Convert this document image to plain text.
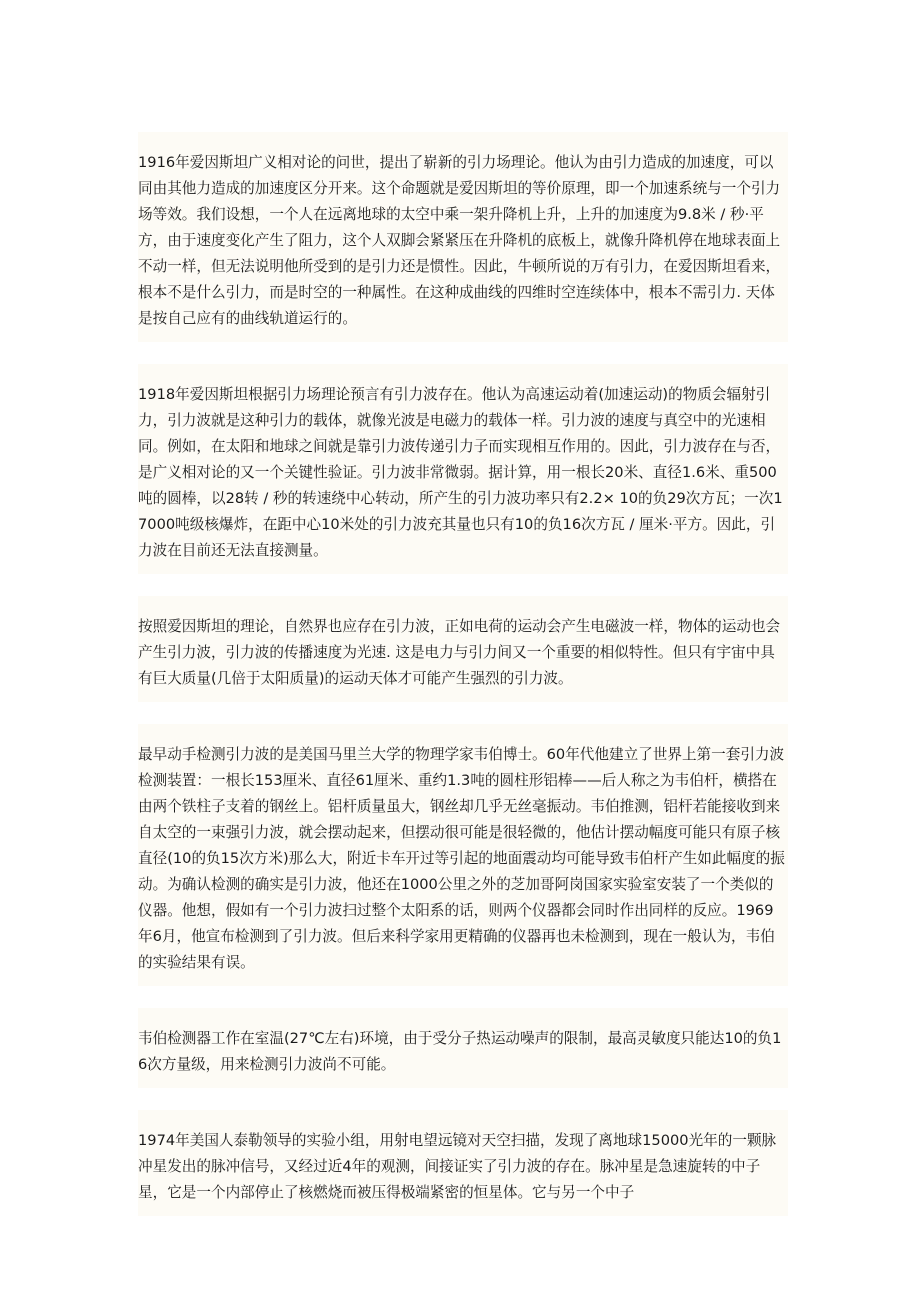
1916年爱因斯坦广义相对论的问世，提出了崭新的引力场理论。他认为由引力造成的加速度，可以同由其他力造成的加速度区分开来。这个命题就是爱因斯坦的等价原理，即一个加速系统与一个引力场等效。我们设想，一个人在远离地球的太空中乘一架升降机上升，上升的加速度为9.8米 / 秒·平方，由于速度变化产生了阻力，这个人双脚会紧紧压在升降机的底板上，就像升降机停在地球表面上不动一样，但无法说明他所受到的是引力还是惯性。因此，牛顿所说的万有引力，在爱因斯坦看来，根本不是什么引力，而是时空的一种属性。在这种成曲线的四维时空连续体中，根本不需引力. 天体是按自己应有的曲线轨道运行的。

1918年爱因斯坦根据引力场理论预言有引力波存在。他认为高速运动着(加速运动)的物质会辐射引力，引力波就是这种引力的载体，就像光波是电磁力的载体一样。引力波的速度与真空中的光速相同。例如，在太阳和地球之间就是靠引力波传递引力子而实现相互作用的。因此，引力波存在与否，是广义相对论的又一个关键性验证。引力波非常微弱。据计算，用一根长20米、直径1.6米、重500吨的圆棒，以28转 / 秒的转速绕中心转动，所产生的引力波功率只有2.2× 10的负29次方瓦；一次17000吨级核爆炸，在距中心10米处的引力波充其量也只有10的负16次方瓦 / 厘米·平方。因此，引力波在目前还无法直接测量。

按照爱因斯坦的理论，自然界也应存在引力波，正如电荷的运动会产生电磁波一样，物体的运动也会产生引力波，引力波的传播速度为光速. 这是电力与引力间又一个重要的相似特性。但只有宇宙中具有巨大质量(几倍于太阳质量)的运动天体才可能产生强烈的引力波。

最早动手检测引力波的是美国马里兰大学的物理学家韦伯博士。60年代他建立了世界上第一套引力波检测装置：一根长153厘米、直径61厘米、重约1.3吨的圆柱形铝棒——后人称之为韦伯杆，横搭在由两个铁柱子支着的钢丝上。铝杆质量虽大，钢丝却几乎无丝毫振动。韦伯推测，铝杆若能接收到来自太空的一束强引力波，就会摆动起来，但摆动很可能是很轻微的，他估计摆动幅度可能只有原子核直径(10的负15次方米)那么大，附近卡车开过等引起的地面震动均可能导致韦伯杆产生如此幅度的振动。为确认检测的确实是引力波，他还在1000公里之外的芝加哥阿岗国家实验室安装了一个类似的仪器。他想，假如有一个引力波扫过整个太阳系的话，则两个仪器都会同时作出同样的反应。1969年6月，他宣布检测到了引力波。但后来科学家用更精确的仪器再也未检测到，现在一般认为，韦伯的实验结果有误。

韦伯检测器工作在室温(27℃左右)环境，由于受分子热运动噪声的限制，最高灵敏度只能达10的负16次方量级，用来检测引力波尚不可能。

1974年美国人泰勒领导的实验小组，用射电望远镜对天空扫描，发现了离地球15000光年的一颗脉冲星发出的脉冲信号，又经过近4年的观测，间接证实了引力波的存在。脉冲星是急速旋转的中子星，它是一个内部停止了核燃烧而被压得极端紧密的恒星体。它与另一个中子
